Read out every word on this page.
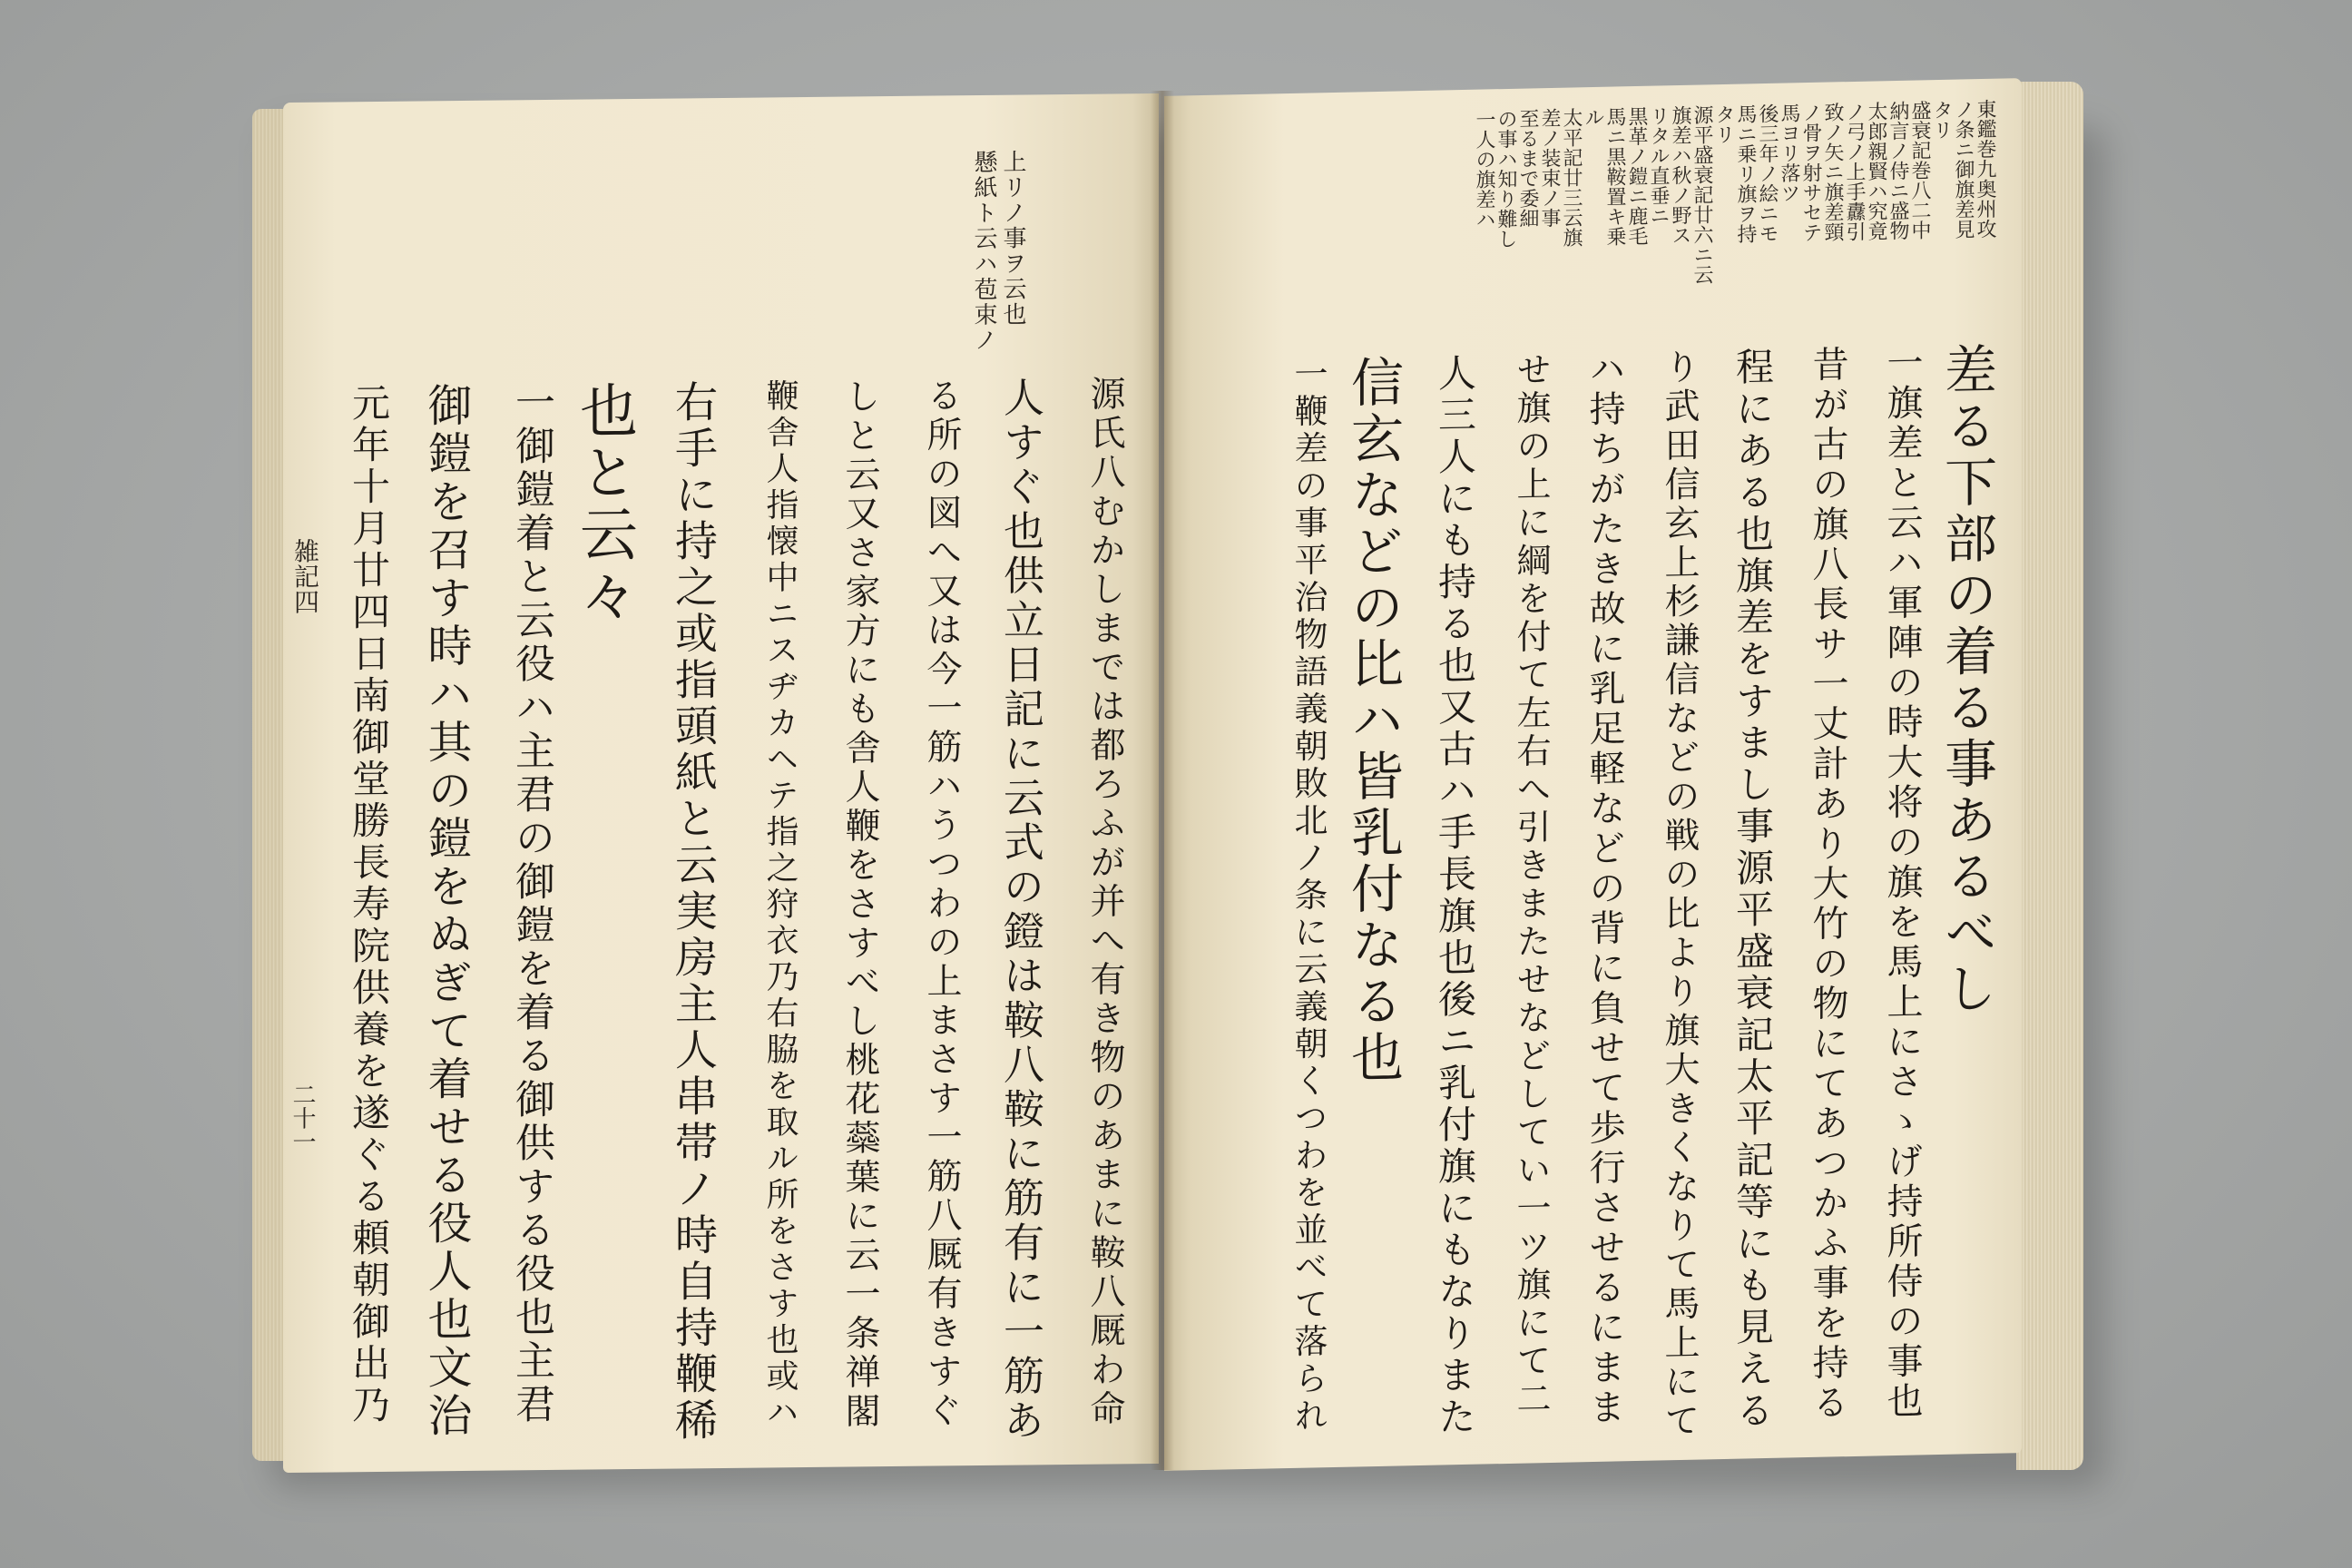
懸紙ト云ハ苞束ノ 上リノ事ヲ云也
源氏八むかしまでは都ろふが并へ有き物のあまに鞍八厩わ命
人すぐ也供立日記に云式の鐙は鞍八鞍に筋有に一筋あ
る所の図へ又は今一筋ハうつわの上まさす一筋八厩有きすぐ
しと云又さ家方にも舎人鞭をさすべし桃花蘂葉に云一条禅閣
鞭舎人指懐中ニスヂカヘテ指之狩衣乃右脇を取ル所をさす也或ハ
右手に持之或指頭紙と云実房主人串帯ノ時自持鞭稀
也と云々
一御鎧着と云役ハ主君の御鎧を着る御供する役也主君
御鎧を召す時ハ其の鎧をぬぎて着せる役人也文治
元年十月廿四日南御堂勝長寿院供養を遂ぐる頼朝御出乃
雑記四
二十一
東鑑巻九奥州攻
ノ条ニ御旗差見
タリ
盛衰記巻八二中
納言ノ侍ニ盛物
太郎親賢ハ究竟
ノ弓ノ上手纛引
致ノ矢ニ旗差頸
ノ骨ヲ射サセテ
馬ヨリ落ツ
後三年ノ絵ニモ
馬ニ乗リ旗ヲ持
タリ
源平盛衰記廿六ニ云
旗差ハ秋ノ野ス
リタル直垂ニ
黒革ノ鎧ニ鹿毛
馬ニ黒鞍置キ乗
ル
太平記廿三云旗
差ノ装束ノ事
至るまで委細
の事ハ知り難し
一人の旗差ハ
差る下部の着る事あるべし
一旗差と云ハ軍陣の時大将の旗を馬上にさゝげ持所侍の事也
昔が古の旗八長サ一丈計あり大竹の物にてあつかふ事を持る
程にある也旗差をすまし事源平盛衰記太平記等にも見える
り武田信玄上杉謙信などの戦の比より旗大きくなりて馬上にて
ハ持ちがたき故に乳足軽などの背に負せて歩行させるにまま
せ旗の上に綱を付て左右へ引きまたせなどしてい一ツ旗にて二
人三人にも持る也又古ハ手長旗也後ニ乳付旗にもなりまた
信玄などの比ハ皆乳付なる也
一鞭差の事平治物語義朝敗北ノ条に云義朝くつわを並べて落られ
